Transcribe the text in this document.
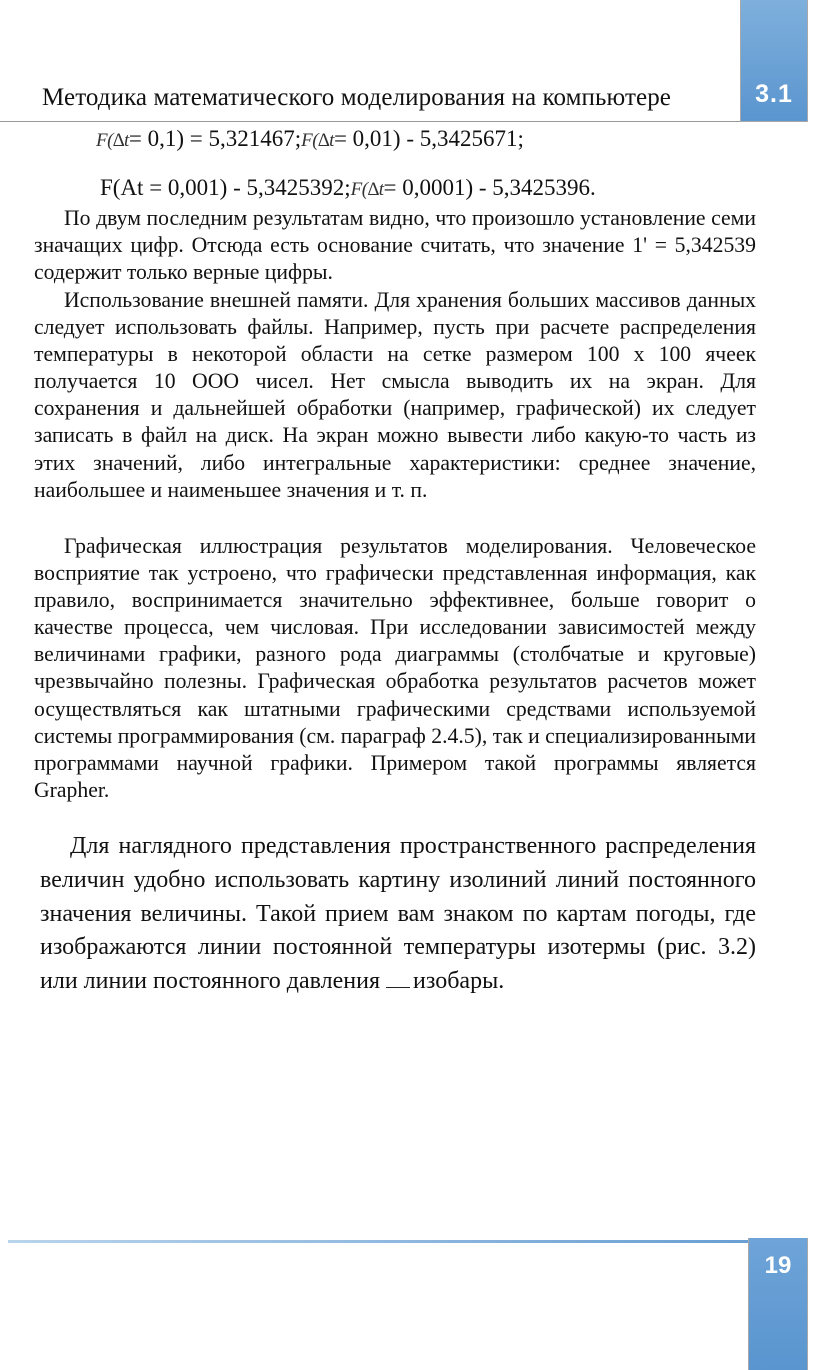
Методика математического моделирования на компьютере	3.1
F(∆t= 0,1) = 5,321467;F(∆t= 0,01) - 5,3425671;
F(At = 0,001) - 5,3425392;F(∆t= 0,0001) - 5,3425396.

По двум последним результатам видно, что произошло установление семи значащих цифр. Отсюда есть основание считать, что значение 1' = 5,342539 содержит только верные цифры.

Использование внешней памяти. Для хранения больших массивов данных следует использовать файлы. Например, пусть при расчете распределения температуры в некоторой области на сетке размером 100 х 100 ячеек получается 10 ООО чисел. Нет смысла выводить их на экран. Для сохранения и дальнейшей обработки (например, графической) их следует записать в файл на диск. На экран можно вывести либо какую-то часть из этих значений, либо интегральные характеристики: среднее значение, наибольшее и наименьшее значения и т. п.

Графическая иллюстрация результатов моделирования. Человеческое восприятие так устроено, что графически представленная информация, как правило, воспринимается значительно эффективнее, больше говорит о качестве процесса, чем числовая. При исследовании зависимостей между величинами графики, разного рода диаграммы (столбчатые и круговые) чрезвычайно полезны. Графическая обработка результатов расчетов может осуществляться как штатными графическими средствами используемой системы программирования (см. параграф 2.4.5), так и специализированными программами научной графики. Примером такой программы является Grapher.

Для наглядного представления пространственного распределения величин удобно использовать картину изолиний линий постоянного значения величины. Такой прием вам знаком по картам погоды, где изображаются линии постоянной температуры изотермы (рис. 3.2) или линии постоянного давления изобары.

19
